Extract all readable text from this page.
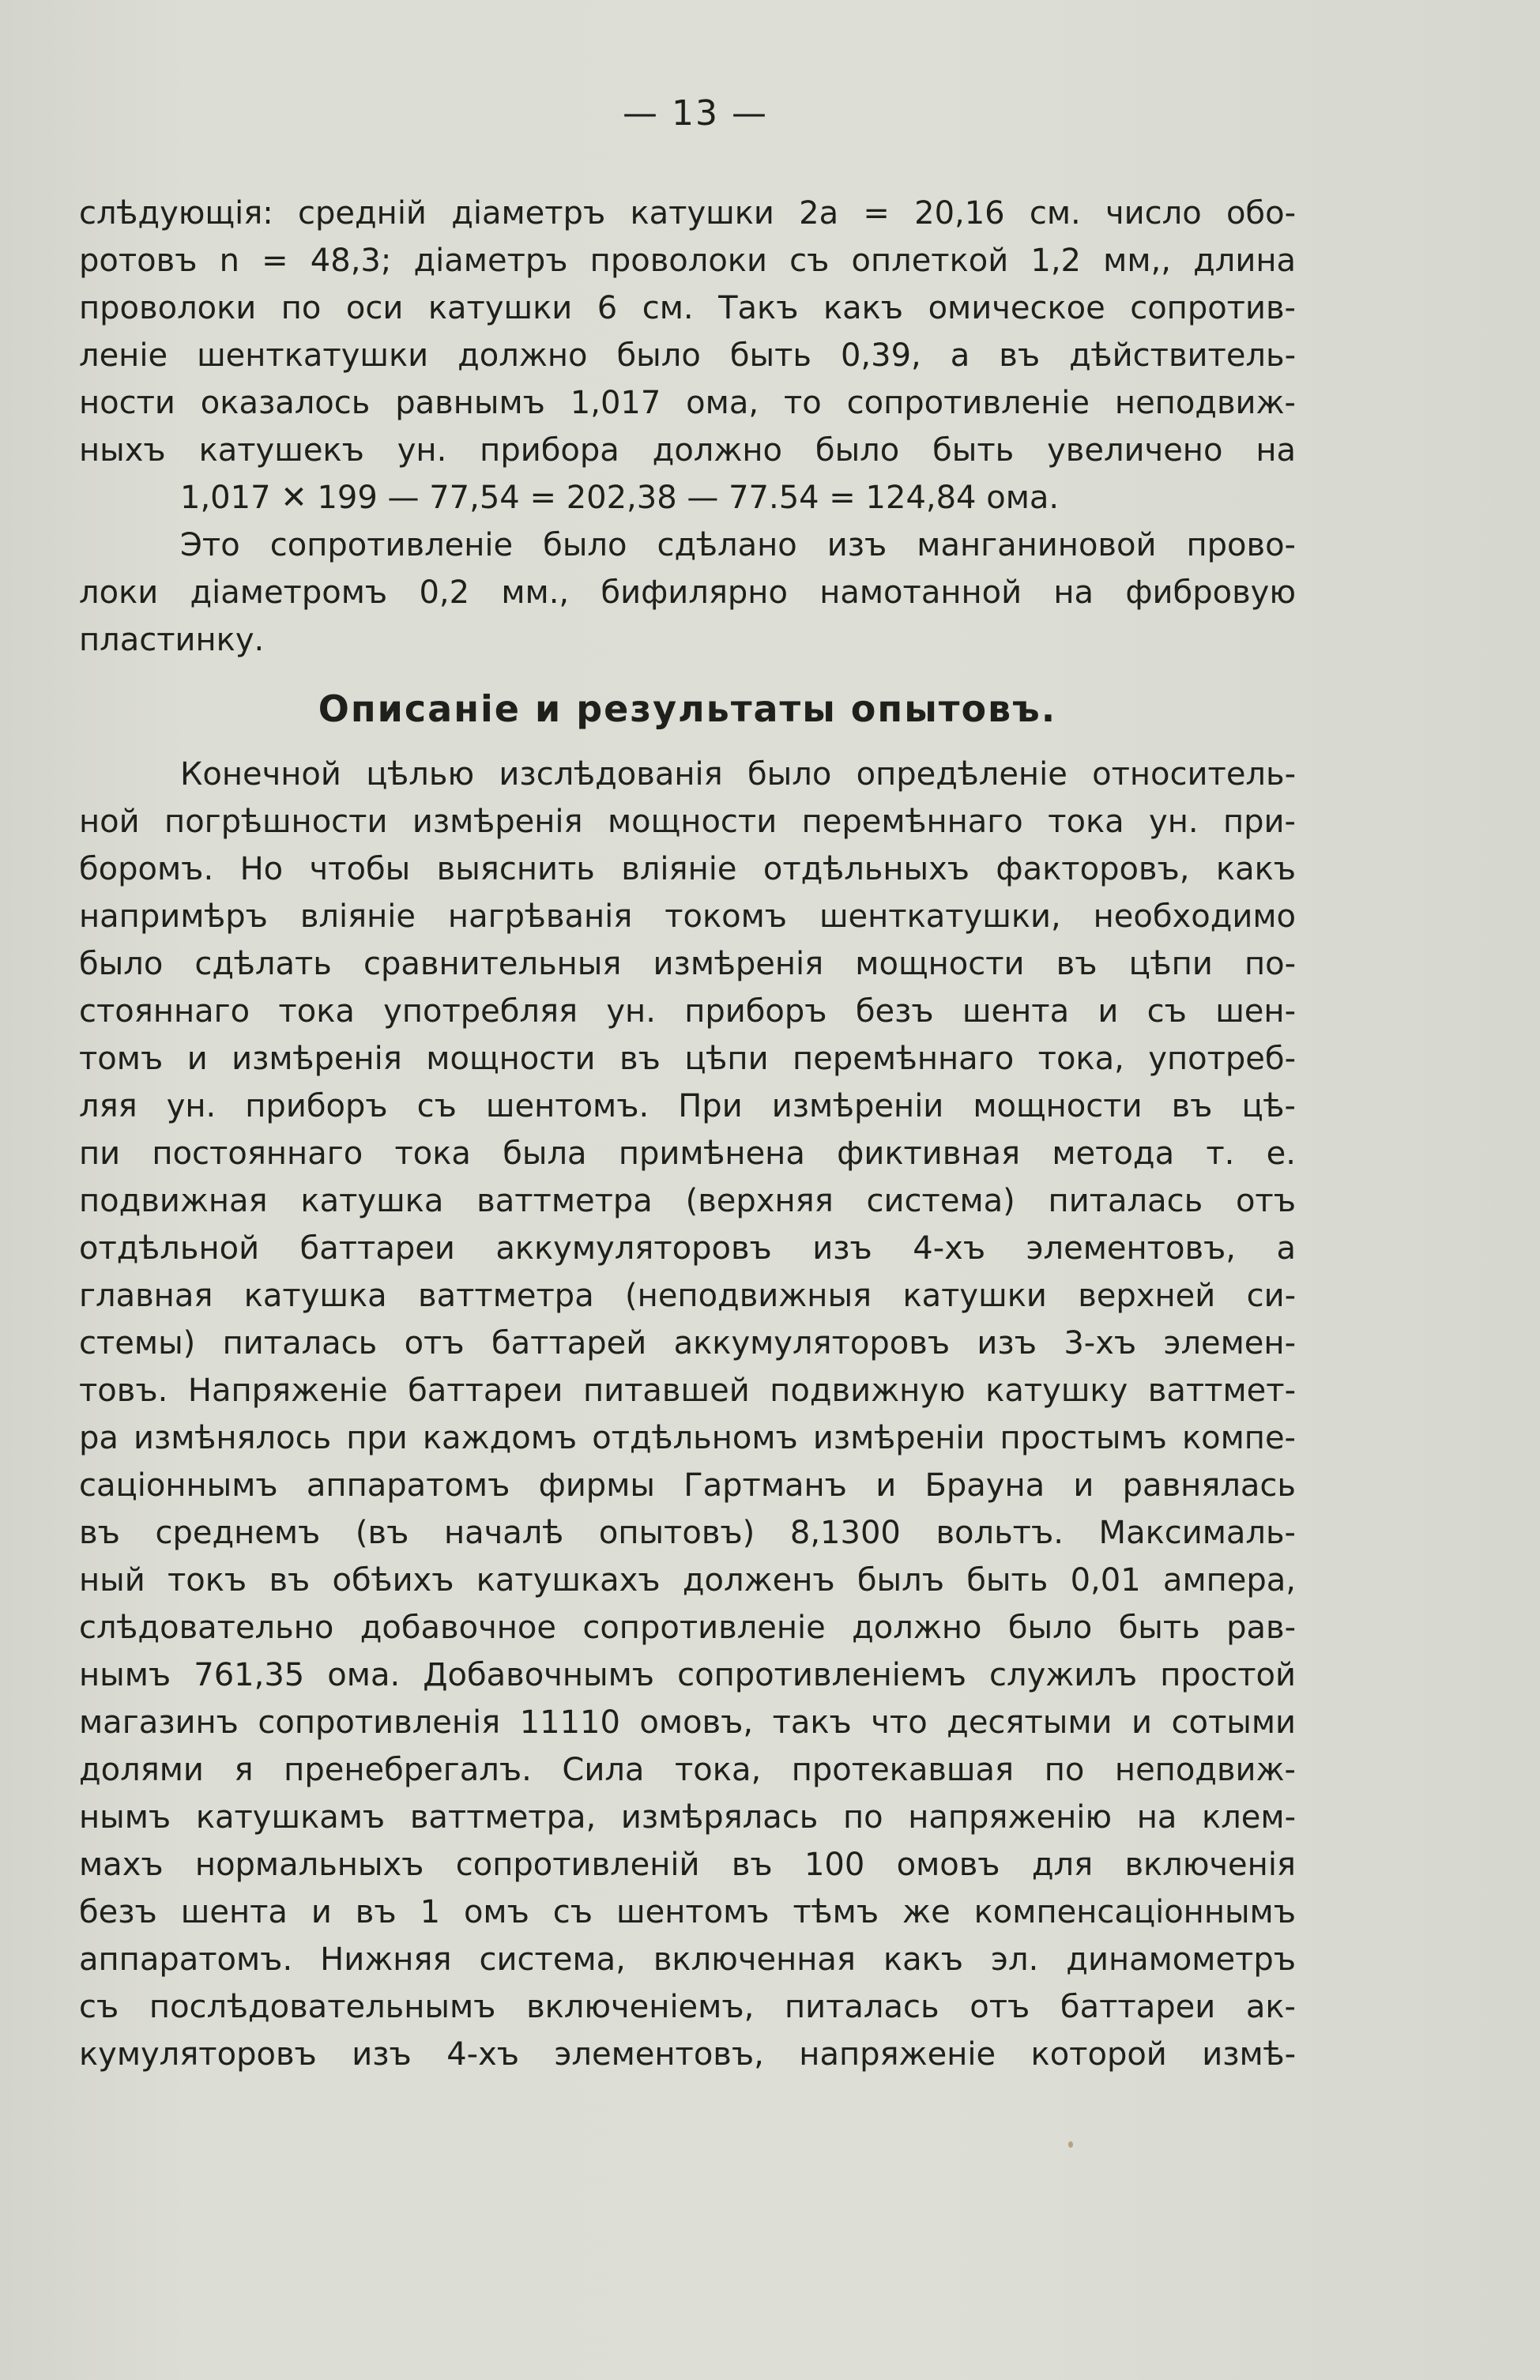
— 13 —
слѣдующія: средній діаметръ катушки 2a = 20,16 см. число обо-
ротовъ n = 48,3; діаметръ проволоки съ оплеткой 1,2 мм,, длина
проволоки по оси катушки 6 см. Такъ какъ омическое сопротив-
леніе шенткатушки должно было быть 0,39, а въ дѣйствитель-
ности оказалось равнымъ 1,017 ома, то сопротивленіе неподвиж-
ныхъ катушекъ ун. прибора должно было быть увеличено на
1,017 ✕ 199 — 77,54 = 202,38 — 77.54 = 124,84 ома.
Это сопротивленіе было сдѣлано изъ манганиновой прово-
локи діаметромъ 0,2 мм., бифилярно намотанной на фибровую
пластинку.
Описаніе и результаты опытовъ.
Конечной цѣлью изслѣдованія было опредѣленіе относитель-
ной погрѣшности измѣренія мощности перемѣннаго тока ун. при-
боромъ. Но чтобы выяснить вліяніе отдѣльныхъ факторовъ, какъ
напримѣръ вліяніе нагрѣванія токомъ шенткатушки, необходимо
было сдѣлать сравнительныя измѣренія мощности въ цѣпи по-
стояннаго тока употребляя ун. приборъ безъ шента и съ шен-
томъ и измѣренія мощности въ цѣпи перемѣннаго тока, употреб-
ляя ун. приборъ съ шентомъ. При измѣреніи мощности въ цѣ-
пи постояннаго тока была примѣнена фиктивная метода т. е.
подвижная катушка ваттметра (верхняя система) питалась отъ
отдѣльной баттареи аккумуляторовъ изъ 4-хъ элементовъ, а
главная катушка ваттметра (неподвижныя катушки верхней си-
стемы) питалась отъ баттарей аккумуляторовъ изъ 3-хъ элемен-
товъ. Напряженіе баттареи питавшей подвижную катушку ваттмет-
ра измѣнялось при каждомъ отдѣльномъ измѣреніи простымъ компе-
саціоннымъ аппаратомъ фирмы Гартманъ и Брауна и равнялась
въ среднемъ (въ началѣ опытовъ) 8,1300 вольтъ. Максималь-
ный токъ въ обѣихъ катушкахъ долженъ былъ быть 0,01 ампера,
слѣдовательно добавочное сопротивленіе должно было быть рав-
нымъ 761,35 ома. Добавочнымъ сопротивленіемъ служилъ простой
магазинъ сопротивленія 11110 омовъ, такъ что десятыми и сотыми
долями я пренебрегалъ. Сила тока, протекавшая по неподвиж-
нымъ катушкамъ ваттметра, измѣрялась по напряженію на клем-
махъ нормальныхъ сопротивленій въ 100 омовъ для включенія
безъ шента и въ 1 омъ съ шентомъ тѣмъ же компенсаціоннымъ
аппаратомъ. Нижняя система, включенная какъ эл. динамометръ
съ послѣдовательнымъ включеніемъ, питалась отъ баттареи ак-
кумуляторовъ изъ 4-хъ элементовъ, напряженіе которой измѣ-
